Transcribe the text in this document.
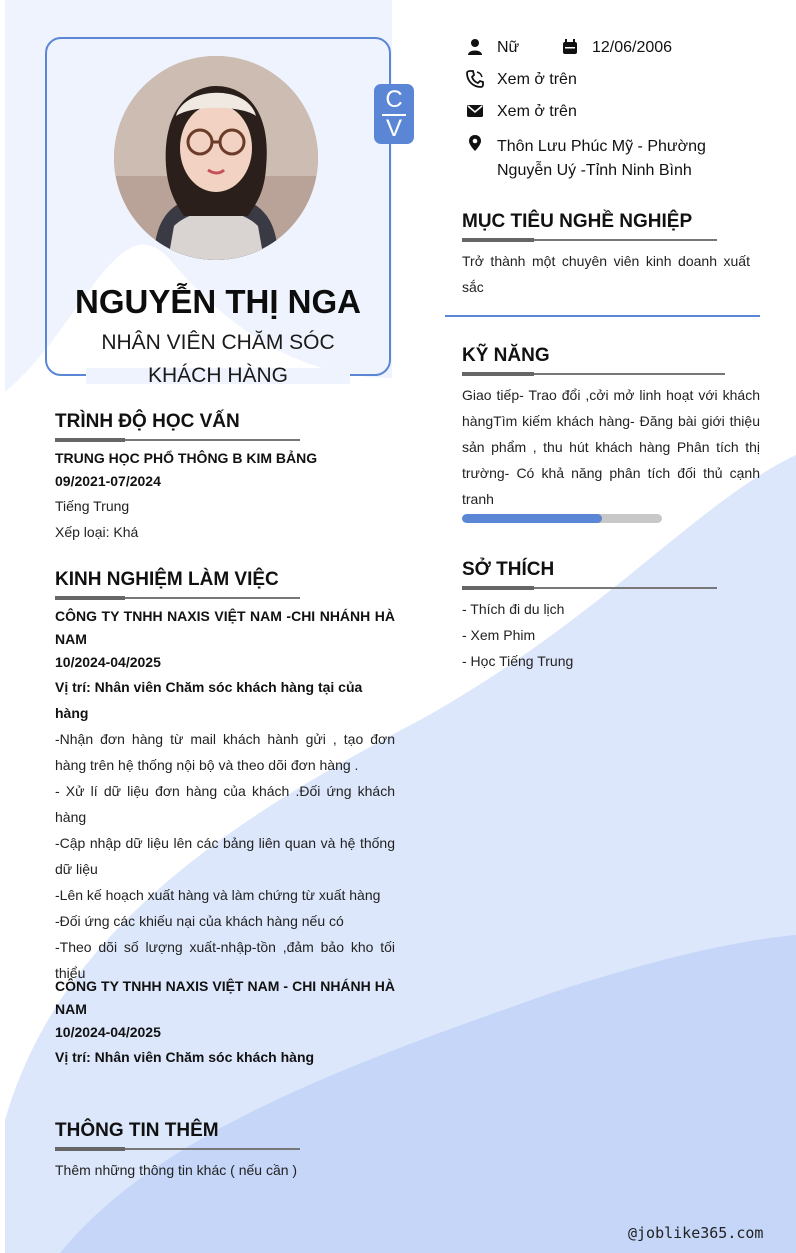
C
V
NGUYỄN THỊ NGA
NHÂN VIÊN CHĂM SÓC
KHÁCH HÀNG
Nữ	12/06/2006
Xem ở trên
Xem ở trên
Thôn Lưu Phúc Mỹ - Phường
Nguyễn Uý -Tỉnh Ninh Bình
MỤC TIÊU NGHỀ NGHIỆP
Trở thành một chuyên viên kinh doanh xuất sắc
KỸ NĂNG
Giao tiếp- Trao đổi ,cởi mở linh hoạt với khách hàngTìm kiếm khách hàng- Đăng bài giới thiệu sản phẩm , thu hút khách hàng Phân tích thị trường- Có khả năng phân tích đối thủ cạnh tranh
SỞ THÍCH
- Thích đi du lịch
- Xem Phim
- Học Tiếng Trung
TRÌNH ĐỘ HỌC VẤN
TRUNG HỌC PHỔ THÔNG B KIM BẢNG
09/2021-07/2024
Tiếng Trung
Xếp loại: Khá
KINH NGHIỆM LÀM VIỆC
CÔNG TY TNHH NAXIS VIỆT NAM -CHI NHÁNH HÀ
NAM
10/2024-04/2025
Vị trí: Nhân viên Chăm sóc khách hàng tại của hàng
-Nhận đơn hàng từ mail khách hành gửi , tạo đơn hàng trên hệ thống nội bộ và theo dõi đơn hàng .
- Xử lí dữ liệu đơn hàng của khách .Đối ứng khách hàng
-Cập nhập dữ liệu lên các bảng liên quan và hệ thống dữ liệu
-Lên kế hoạch xuất hàng và làm chứng từ xuất hàng
-Đối ứng các khiếu nại của khách hàng nếu có
-Theo dõi số lượng xuất-nhập-tồn ,đảm bảo kho tối thiểu
CÔNG TY TNHH NAXIS VIỆT NAM - CHI NHÁNH HÀ
NAM
10/2024-04/2025
Vị trí: Nhân viên Chăm sóc khách hàng
THÔNG TIN THÊM
Thêm những thông tin khác ( nếu cần )
@joblike365.com
